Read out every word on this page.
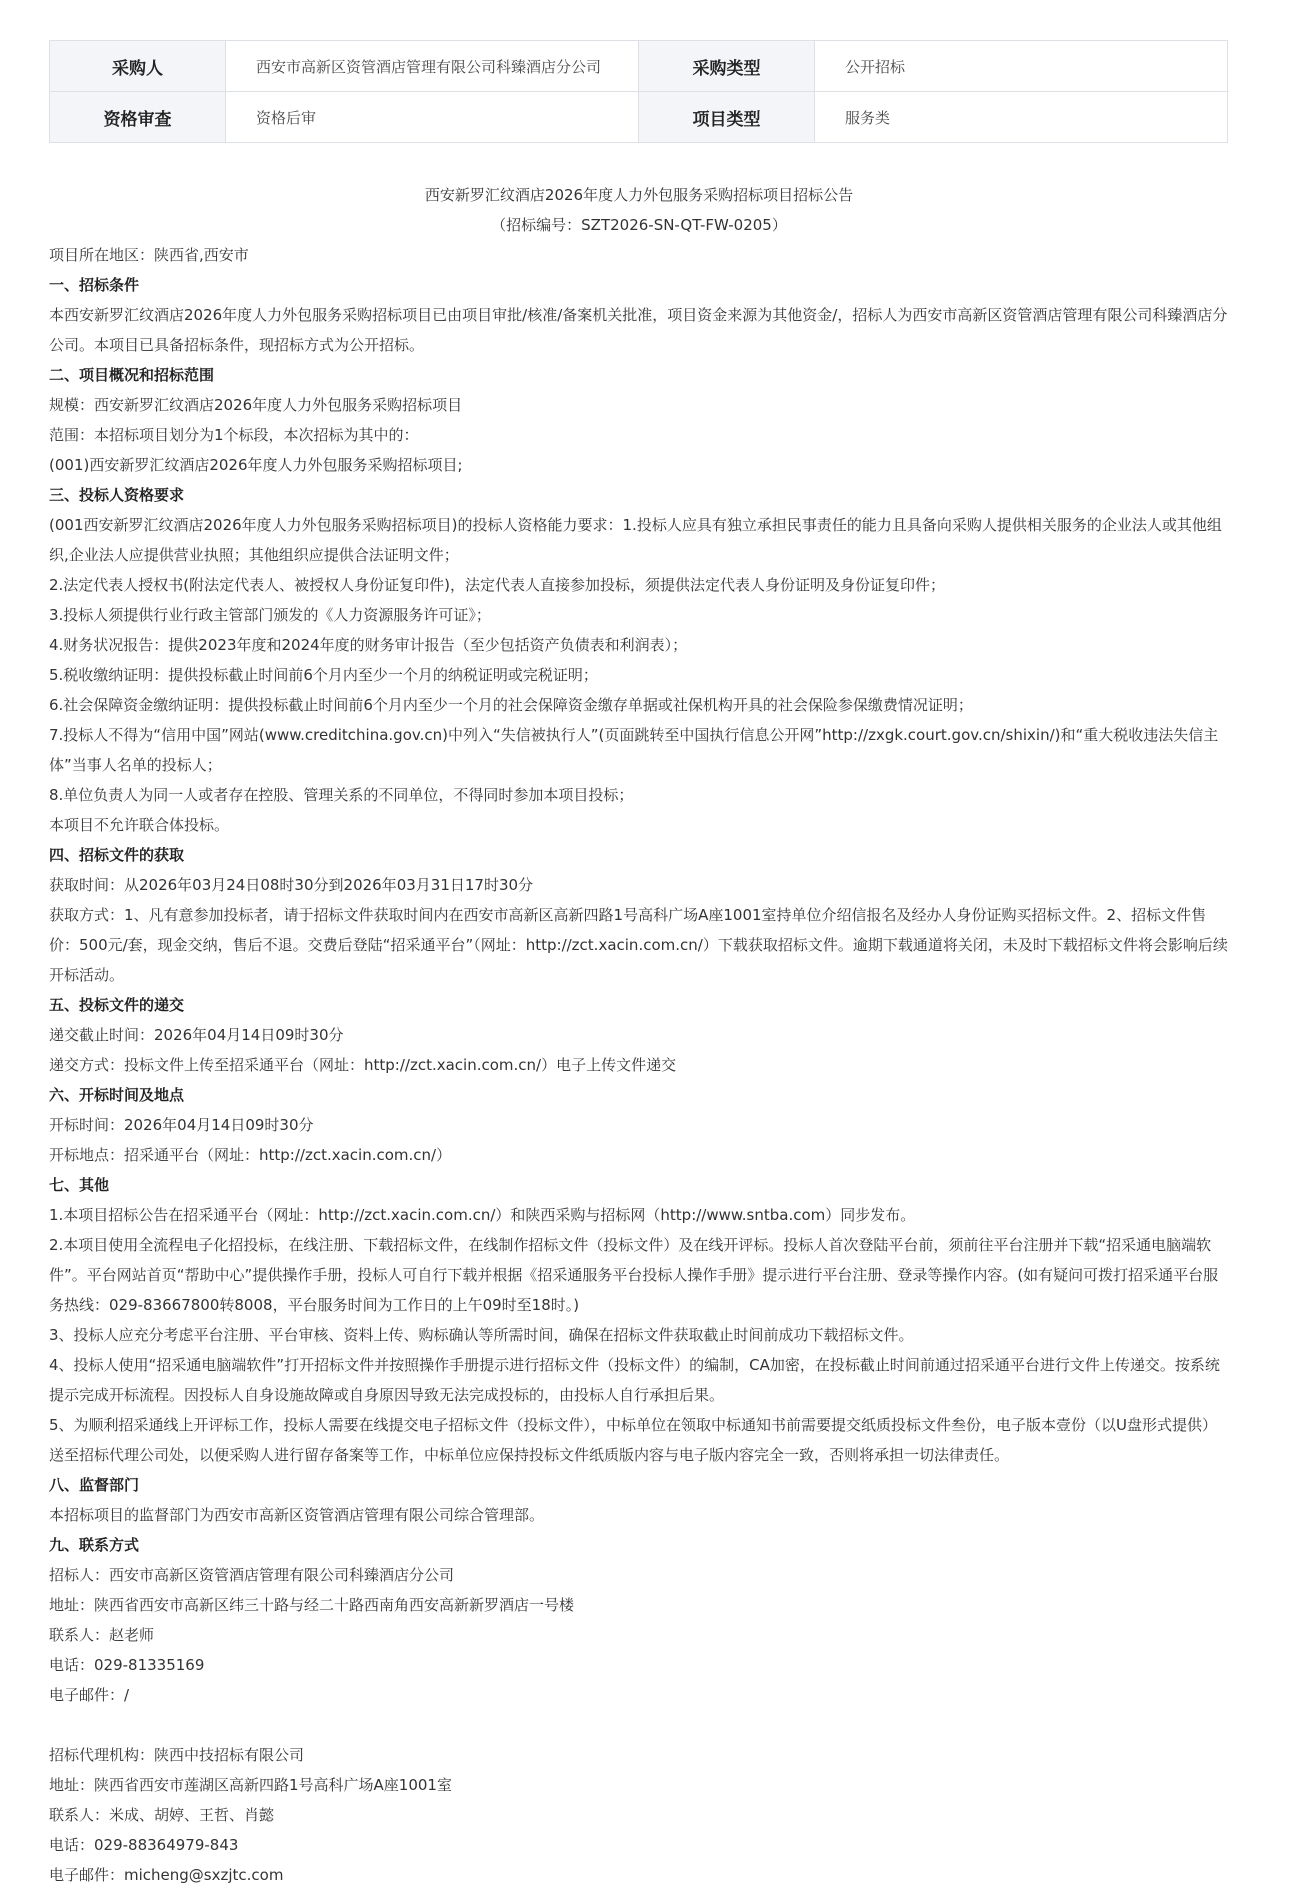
采购人	西安市高新区资管酒店管理有限公司科臻酒店分公司	采购类型	公开招标
资格审查	资格后审	项目类型	服务类

西安新罗汇纹酒店2026年度人力外包服务采购招标项目招标公告

（招标编号：SZT2026-SN-QT-FW-0205）

项目所在地区：陕西省,西安市

一、招标条件

本西安新罗汇纹酒店2026年度人力外包服务采购招标项目已由项目审批/核准/备案机关批准，项目资金来源为其他资金/，招标人为西安市高新区资管酒店管理有限公司科臻酒店分公司。本项目已具备招标条件，现招标方式为公开招标。

二、项目概况和招标范围

规模：西安新罗汇纹酒店2026年度人力外包服务采购招标项目

范围：本招标项目划分为1个标段，本次招标为其中的：

(001)西安新罗汇纹酒店2026年度人力外包服务采购招标项目;

三、投标人资格要求

(001西安新罗汇纹酒店2026年度人力外包服务采购招标项目)的投标人资格能力要求：1.投标人应具有独立承担民事责任的能力且具备向采购人提供相关服务的企业法人或其他组织,企业法人应提供营业执照；其他组织应提供合法证明文件；

2.法定代表人授权书(附法定代表人、被授权人身份证复印件)，法定代表人直接参加投标，须提供法定代表人身份证明及身份证复印件；

3.投标人须提供行业行政主管部门颁发的《人力资源服务许可证》；

4.财务状况报告：提供2023年度和2024年度的财务审计报告（至少包括资产负债表和利润表）；

5.税收缴纳证明：提供投标截止时间前6个月内至少一个月的纳税证明或完税证明；

6.社会保障资金缴纳证明：提供投标截止时间前6个月内至少一个月的社会保障资金缴存单据或社保机构开具的社会保险参保缴费情况证明；

7.投标人不得为“信用中国”网站(www.creditchina.gov.cn)中列入“失信被执行人”(页面跳转至中国执行信息公开网”http://zxgk.court.gov.cn/shixin/)和“重大税收违法失信主体”当事人名单的投标人；

8.单位负责人为同一人或者存在控股、管理关系的不同单位，不得同时参加本项目投标；

本项目不允许联合体投标。

四、招标文件的获取

获取时间：从2026年03月24日08时30分到2026年03月31日17时30分

获取方式：1、凡有意参加投标者，请于招标文件获取时间内在西安市高新区高新四路1号高科广场A座1001室持单位介绍信报名及经办人身份证购买招标文件。2、招标文件售价：500元/套，现金交纳，售后不退。交费后登陆“招采通平台”（网址：http://zct.xacin.com.cn/）下载获取招标文件。逾期下载通道将关闭，未及时下载招标文件将会影响后续开标活动。

五、投标文件的递交

递交截止时间：2026年04月14日09时30分

递交方式：投标文件上传至招采通平台（网址：http://zct.xacin.com.cn/）电子上传文件递交

六、开标时间及地点

开标时间：2026年04月14日09时30分

开标地点：招采通平台（网址：http://zct.xacin.com.cn/）

七、其他

1.本项目招标公告在招采通平台（网址：http://zct.xacin.com.cn/）和陕西采购与招标网（http://www.sntba.com）同步发布。

2.本项目使用全流程电子化招投标，在线注册、下载招标文件，在线制作招标文件（投标文件）及在线开评标。投标人首次登陆平台前，须前往平台注册并下载“招采通电脑端软件”。平台网站首页“帮助中心”提供操作手册，投标人可自行下载并根据《招采通服务平台投标人操作手册》提示进行平台注册、登录等操作内容。(如有疑问可拨打招采通平台服务热线：029-83667800转8008，平台服务时间为工作日的上午09时至18时。)

3、投标人应充分考虑平台注册、平台审核、资料上传、购标确认等所需时间，确保在招标文件获取截止时间前成功下载招标文件。

4、投标人使用“招采通电脑端软件”打开招标文件并按照操作手册提示进行招标文件（投标文件）的编制，CA加密，在投标截止时间前通过招采通平台进行文件上传递交。按系统提示完成开标流程。因投标人自身设施故障或自身原因导致无法完成投标的，由投标人自行承担后果。

5、为顺利招采通线上开评标工作，投标人需要在线提交电子招标文件（投标文件），中标单位在领取中标通知书前需要提交纸质投标文件叁份，电子版本壹份（以U盘形式提供）送至招标代理公司处，以便采购人进行留存备案等工作，中标单位应保持投标文件纸质版内容与电子版内容完全一致，否则将承担一切法律责任。

八、监督部门

本招标项目的监督部门为西安市高新区资管酒店管理有限公司综合管理部。

九、联系方式

招标人：西安市高新区资管酒店管理有限公司科臻酒店分公司

地址：陕西省西安市高新区纬三十路与经二十路西南角西安高新新罗酒店一号楼

联系人：赵老师

电话：029-81335169

电子邮件：/

招标代理机构：陕西中技招标有限公司

地址：陕西省西安市莲湖区高新四路1号高科广场A座1001室

联系人：米成、胡婷、王哲、肖懿

电话：029-88364979-843

电子邮件：micheng@sxzjtc.com
